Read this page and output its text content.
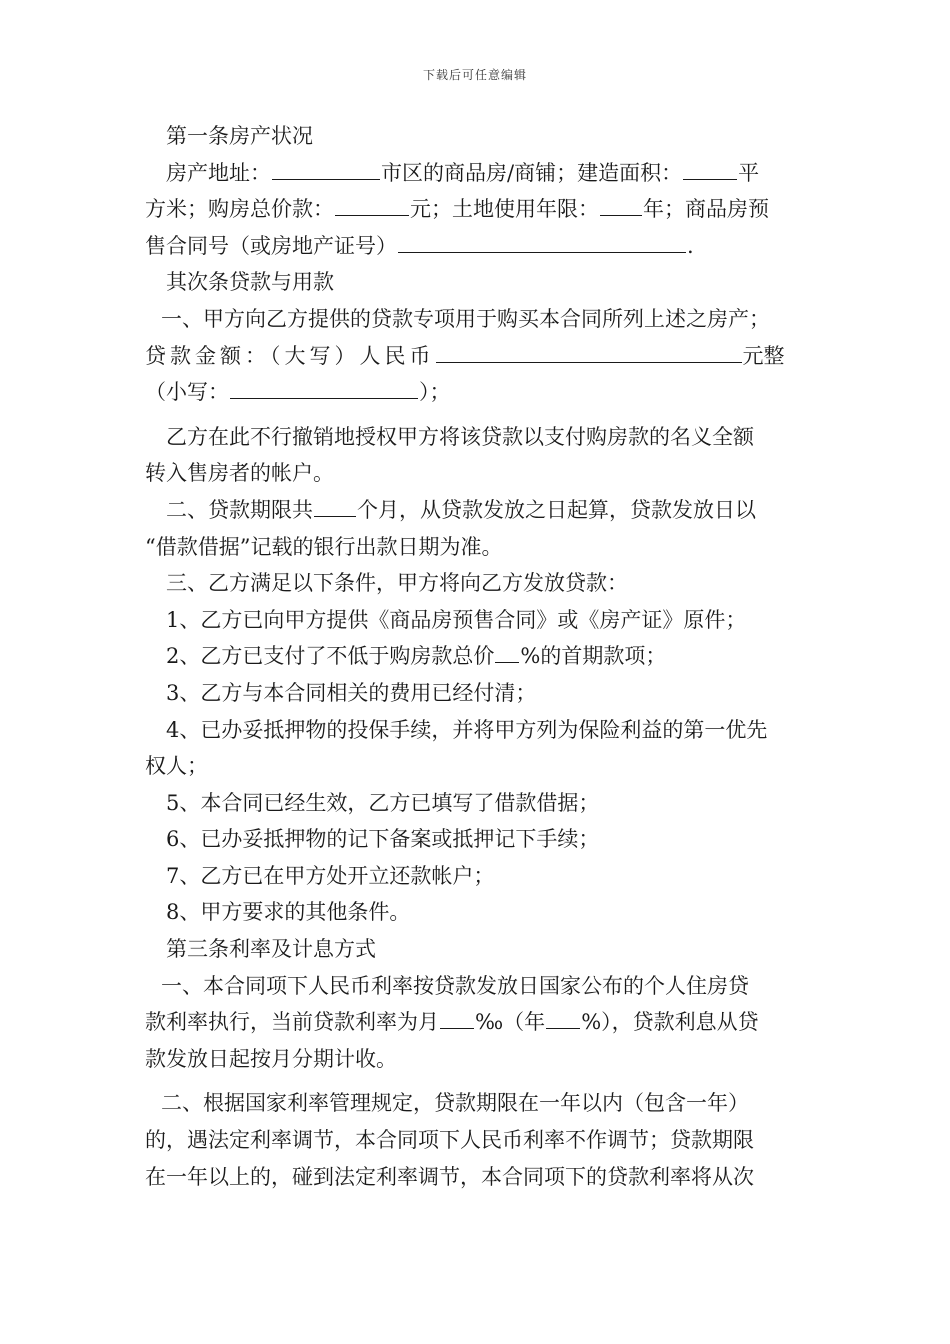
下载后可任意编辑
第一条房产状况
房产地址：	市区的商品房/商铺；建造面积：	平
方米；购房总价款：	元；土地使用年限： 年；商品房预
售合同号（或房地产证号）	.
其次条贷款与用款
一、甲方向乙方提供的贷款专项用于购买本合同所列上述之房产；
贷款金额：（大写）人民币	元整
（小写：	）；
乙方在此不行撤销地授权甲方将该贷款以支付购房款的名义全额
转入售房者的帐户。
二、贷款期限共 个月，从贷款发放之日起算，贷款发放日以
“借款借据”记载的银行出款日期为准。
三、乙方满足以下条件，甲方将向乙方发放贷款：
1、乙方已向甲方提供《商品房预售合同》或《房产证》原件；
2、乙方已支付了不低于购房款总价 %的首期款项；
3、乙方与本合同相关的费用已经付清；
4、已办妥抵押物的投保手续，并将甲方列为保险利益的第一优先
权人；
5、本合同已经生效，乙方已填写了借款借据；
6、已办妥抵押物的记下备案或抵押记下手续；
7、乙方已在甲方处开立还款帐户；
8、甲方要求的其他条件。
第三条利率及计息方式
一、本合同项下人民币利率按贷款发放日国家公布的个人住房贷
款利率执行，当前贷款利率为月 ‰（年 %），贷款利息从贷
款发放日起按月分期计收。
二、根据国家利率管理规定，贷款期限在一年以内（包含一年）
的，遇法定利率调节，本合同项下人民币利率不作调节；贷款期限
在一年以上的，碰到法定利率调节，本合同项下的贷款利率将从次
